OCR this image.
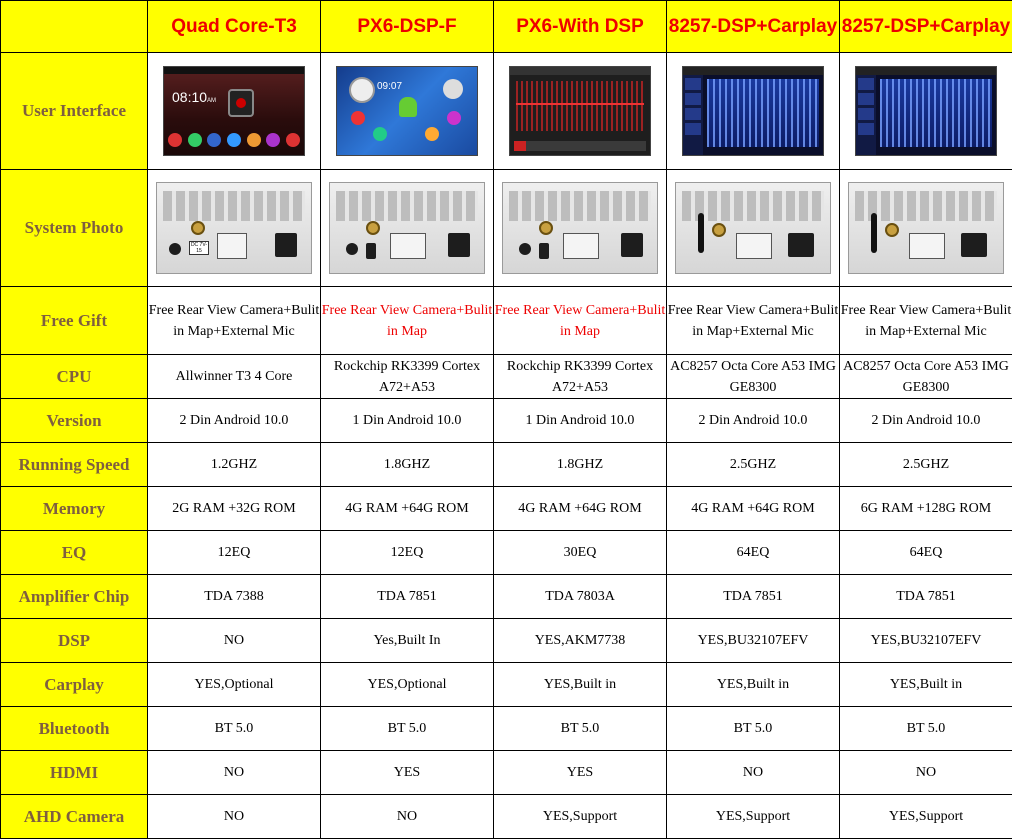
	Quad Core-T3	PX6-DSP-F	PX6-With DSP	8257-DSP+Carplay	8257-DSP+Carplay
User Interface	08:10AM	09:07			

System Photo	DC 7V-15				

Free Gift	Free Rear View Camera+Bulit in Map+External Mic	Free Rear View Camera+Bulit in Map	Free Rear View Camera+Bulit in Map	Free Rear View Camera+Bulit in Map+External Mic	Free Rear View Camera+Bulit in Map+External Mic
CPU	Allwinner T3 4 Core	Rockchip RK3399 Cortex A72+A53	Rockchip RK3399 Cortex A72+A53	AC8257 Octa Core A53 IMG GE8300	AC8257 Octa Core A53 IMG GE8300
Version	2 Din Android 10.0	1 Din Android 10.0	1 Din Android 10.0	2 Din Android 10.0	2 Din Android 10.0
Running Speed	1.2GHZ	1.8GHZ	1.8GHZ	2.5GHZ	2.5GHZ
Memory	2G RAM +32G ROM	4G RAM +64G ROM	4G RAM +64G ROM	4G RAM +64G ROM	6G RAM +128G ROM
EQ	12EQ	12EQ	30EQ	64EQ	64EQ
Amplifier Chip	TDA 7388	TDA 7851	TDA 7803A	TDA 7851	TDA 7851
DSP	NO	Yes,Built In	YES,AKM7738	YES,BU32107EFV	YES,BU32107EFV
Carplay	YES,Optional	YES,Optional	YES,Built in	YES,Built in	YES,Built in
Bluetooth	BT 5.0	BT 5.0	BT 5.0	BT 5.0	BT 5.0
HDMI	NO	YES	YES	NO	NO
AHD Camera	NO	NO	YES,Support	YES,Support	YES,Support
